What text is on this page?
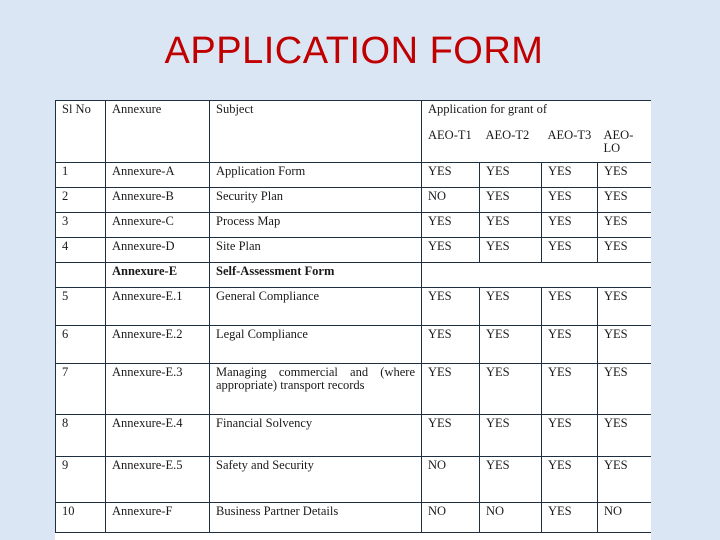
APPLICATION FORM
Sl No	Annexure	Subject	Application for grant of			
			AEO-T1	AEO-T2	AEO-T3	AEO-LO
1	Annexure-A	Application Form	YES	YES	YES	YES
2	Annexure-B	Security Plan	NO	YES	YES	YES
3	Annexure-C	Process Map	YES	YES	YES	YES
4	Annexure-D	Site Plan	YES	YES	YES	YES
	Annexure-E	Self-Assessment Form				
5	Annexure-E.1	General Compliance	YES	YES	YES	YES
6	Annexure-E.2	Legal Compliance	YES	YES	YES	YES
7	Annexure-E.3	Managing commercial and (where appropriate) transport records	YES	YES	YES	YES
8	Annexure-E.4	Financial Solvency	YES	YES	YES	YES
9	Annexure-E.5	Safety and Security	NO	YES	YES	YES
10	Annexure-F	Business Partner Details	NO	NO	YES	NO
